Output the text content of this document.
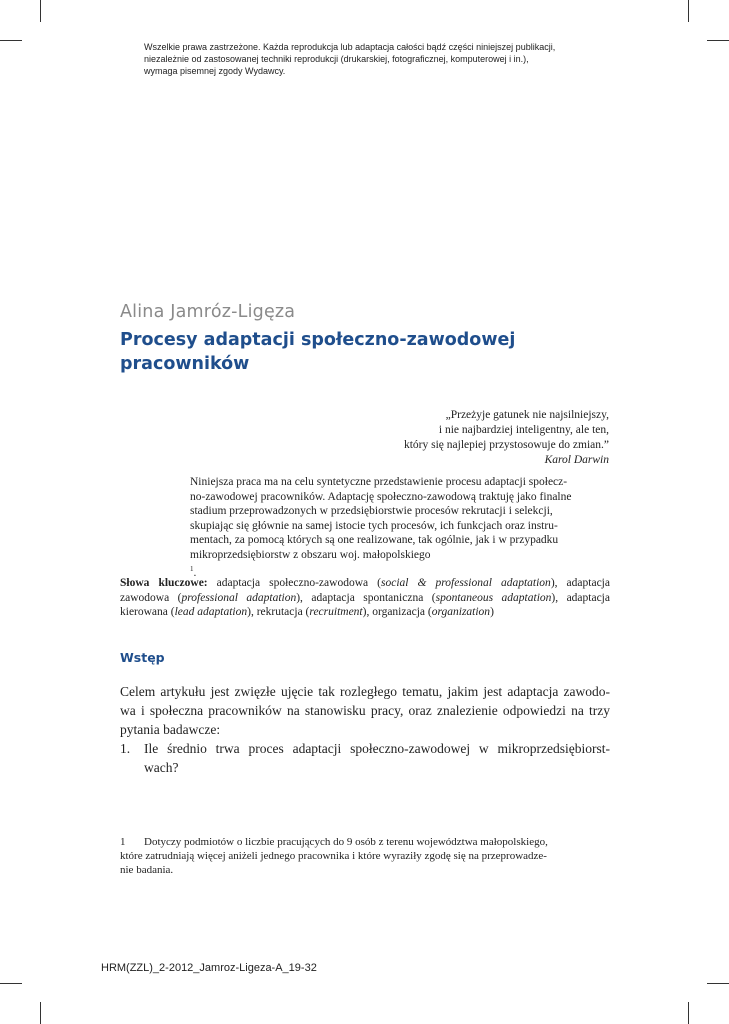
Wszelkie prawa zastrzeżone. Każda reprodukcja lub adaptacja całości bądź części niniejszej publikacji,
niezależnie od zastosowanej techniki reprodukcji (drukarskiej, fotograficznej, komputerowej i in.),
wymaga pisemnej zgody Wydawcy.
Alina Jamróz-Ligęza
Procesy adaptacji społeczno-zawodowej
pracowników
„Przeżyje gatunek nie najsilniejszy,
i nie najbardziej inteligentny, ale ten,
który się najlepiej przystosowuje do zmian.”
Karol Darwin
Niniejsza praca ma na celu syntetyczne przedstawienie procesu adaptacji społecz-
no-zawodowej pracowników. Adaptację społeczno-zawodową traktuję jako finalne
stadium przeprowadzonych w przedsiębiorstwie procesów rekrutacji i selekcji,
skupiając się głównie na samej istocie tych procesów, ich funkcjach oraz instru-
mentach, za pomocą których są one realizowane, tak ogólnie, jak i w przypadku
mikroprzedsiębiorstw z obszaru woj. małopolskiego
$^1$.
Słowa kluczowe: adaptacja społeczno-zawodowa (social & professional adaptation), adaptacja
zawodowa (professional adaptation), adaptacja spontaniczna (spontaneous adaptation), adaptacja
kierowana (lead adaptation), rekrutacja (recruitment), organizacja (organization)
Wstęp
Celem artykułu jest zwięzłe ujęcie tak rozległego tematu, jakim jest adaptacja zawodo-
wa i społeczna pracowników na stanowisku pracy, oraz znalezienie odpowiedzi na trzy
pytania badawcze:
1. Ile średnio trwa proces adaptacji społeczno-zawodowej w mikroprzedsiębiorst-
wach?
1 Dotyczy podmiotów o liczbie pracujących do 9 osób z terenu województwa małopolskiego,
które zatrudniają więcej aniżeli jednego pracownika i które wyraziły zgodę się na przeprowadze-
nie badania.
HRM(ZZL)_2-2012_Jamroz-Ligeza-A_19-32
